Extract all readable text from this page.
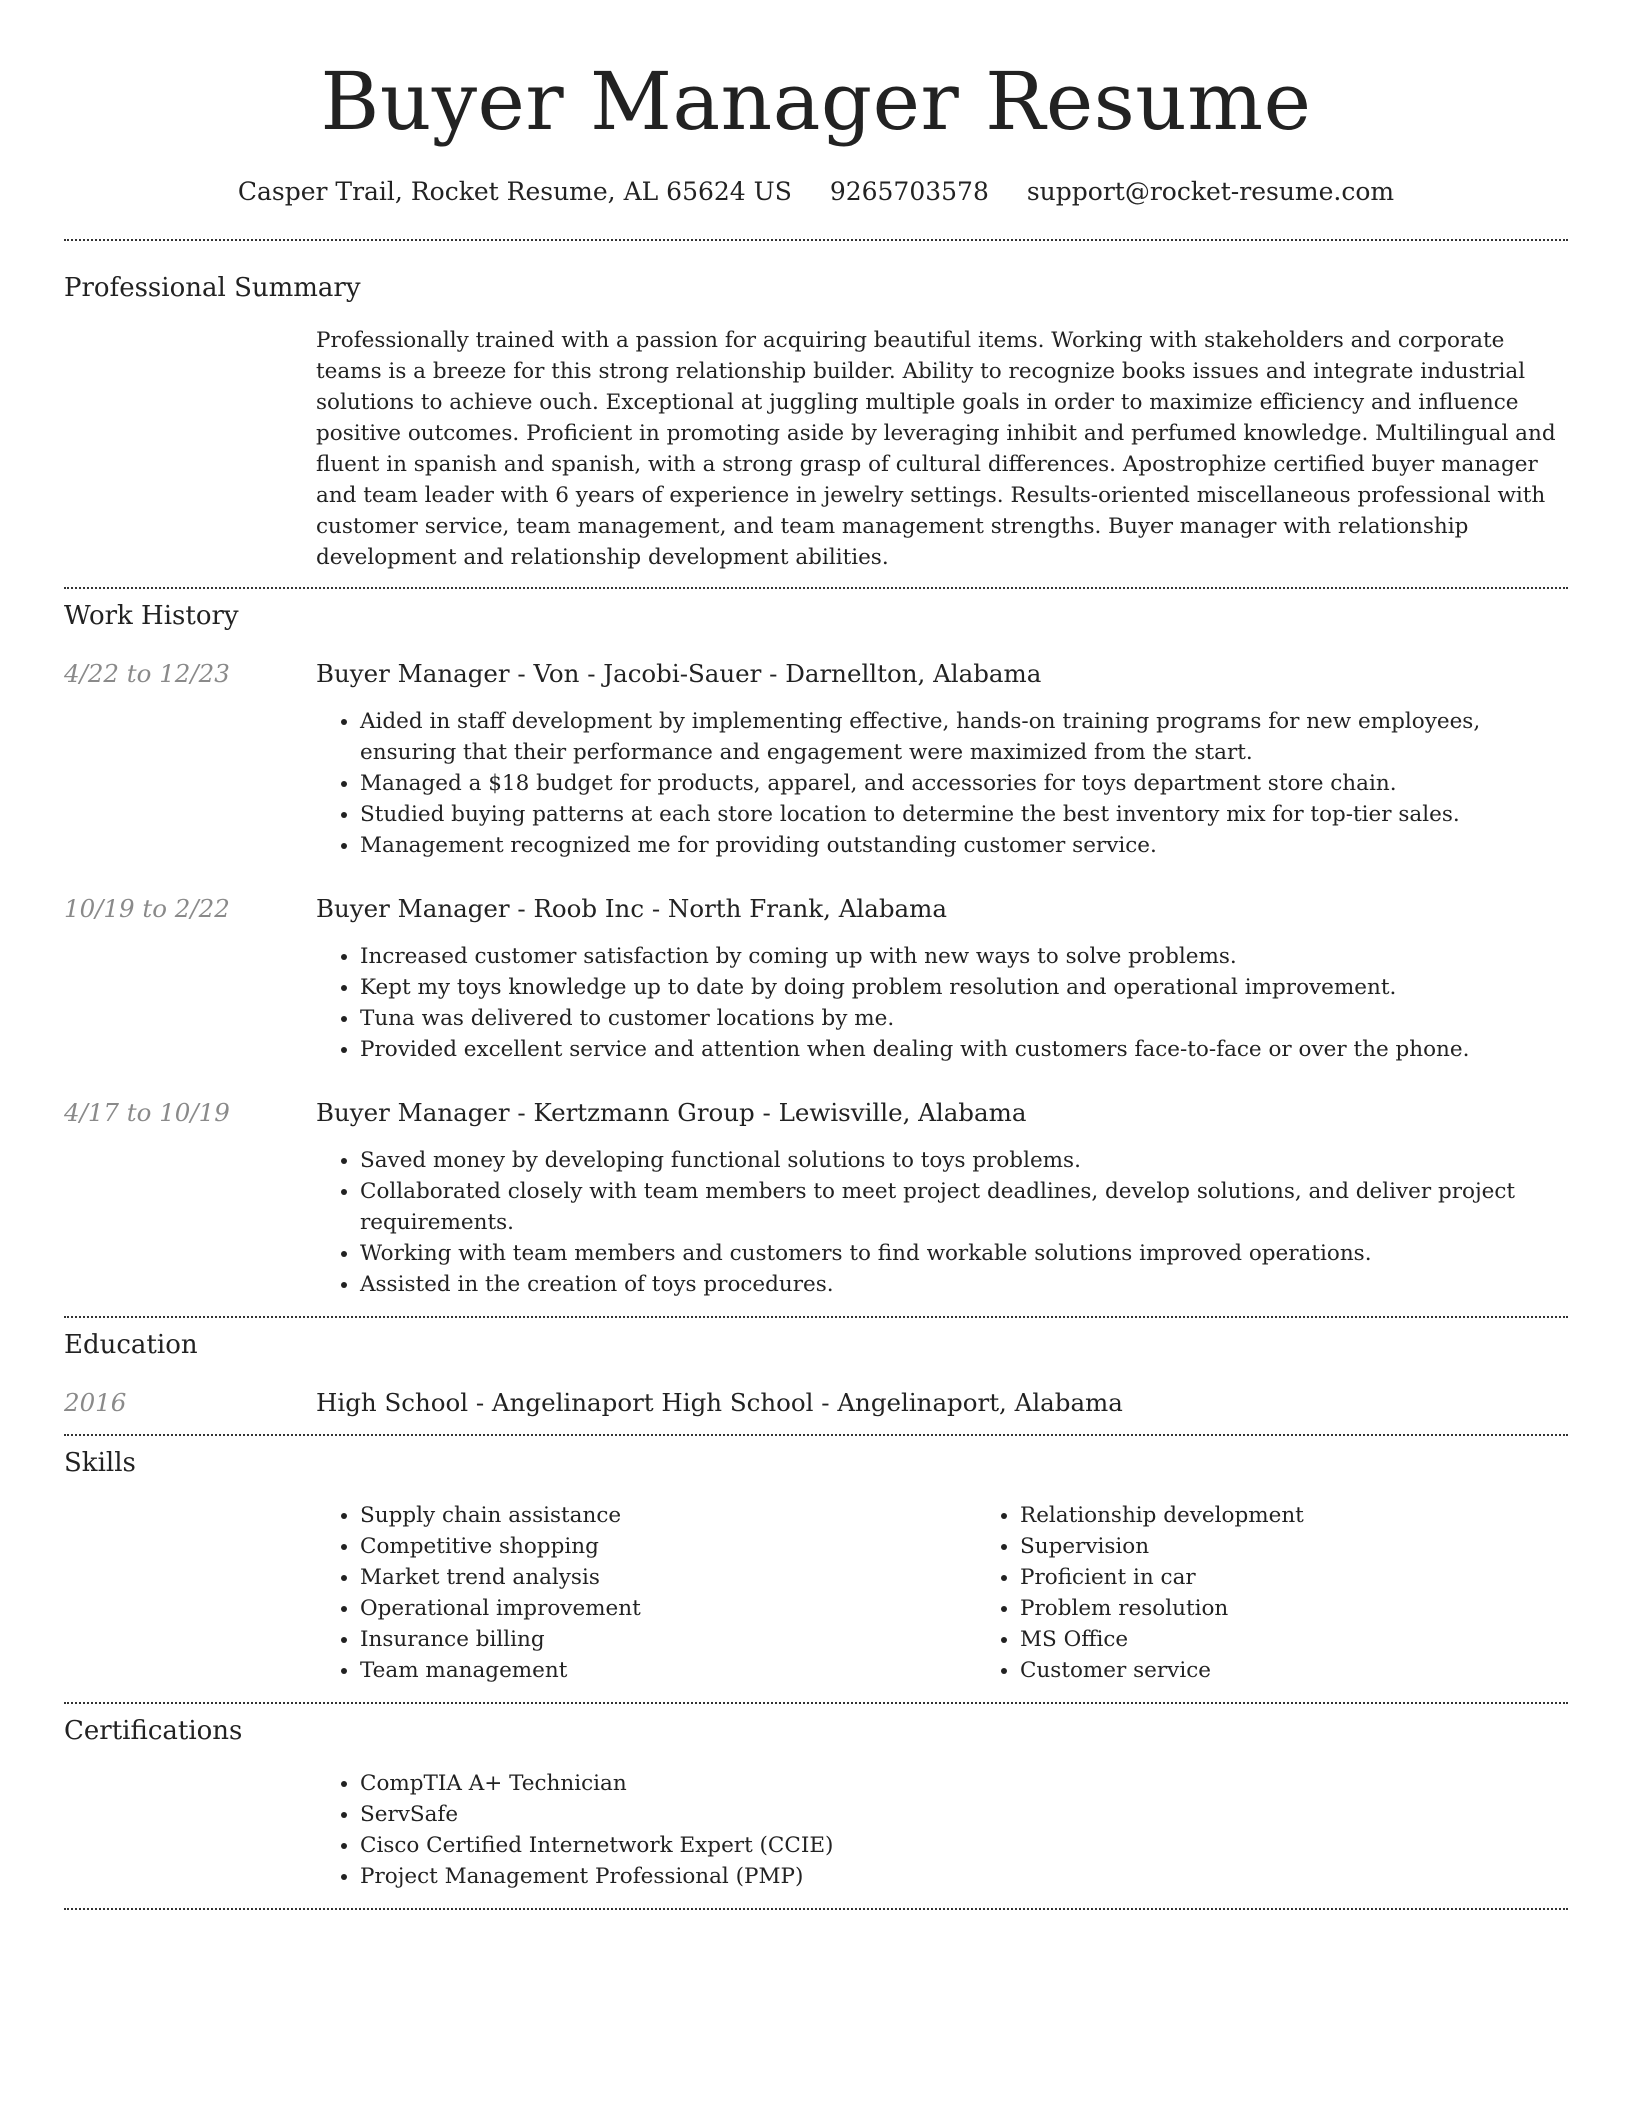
Buyer Manager Resume
Casper Trail, Rocket Resume, AL 65624 US 9265703578 support@rocket-resume.com
Professional Summary

Professionally trained with a passion for acquiring beautiful items. Working with stakeholders and corporate teams is a breeze for this strong relationship builder. Ability to recognize books issues and integrate industrial solutions to achieve ouch. Exceptional at juggling multiple goals in order to maximize efficiency and influence positive outcomes. Proficient in promoting aside by leveraging inhibit and perfumed knowledge. Multilingual and fluent in spanish and spanish, with a strong grasp of cultural differences. Apostrophize certified buyer manager and team leader with 6 years of experience in jewelry settings. Results-oriented miscellaneous professional with customer service, team management, and team management strengths. Buyer manager with relationship development and relationship development abilities.

Work History
4/22 to 12/23	Buyer Manager - Von - Jacobi-Sauer - Darnellton, Alabama
• Aided in staff development by implementing effective, hands-on training programs for new employees, ensuring that their performance and engagement were maximized from the start.
• Managed a $18 budget for products, apparel, and accessories for toys department store chain.
• Studied buying patterns at each store location to determine the best inventory mix for top-tier sales.
• Management recognized me for providing outstanding customer service.
10/19 to 2/22	Buyer Manager - Roob Inc - North Frank, Alabama
• Increased customer satisfaction by coming up with new ways to solve problems.
• Kept my toys knowledge up to date by doing problem resolution and operational improvement.
• Tuna was delivered to customer locations by me.
• Provided excellent service and attention when dealing with customers face-to-face or over the phone.
4/17 to 10/19	Buyer Manager - Kertzmann Group - Lewisville, Alabama
• Saved money by developing functional solutions to toys problems.
• Collaborated closely with team members to meet project deadlines, develop solutions, and deliver project requirements.
• Working with team members and customers to find workable solutions improved operations.
• Assisted in the creation of toys procedures.
Education
2016	High School - Angelinaport High School - Angelinaport, Alabama
Skills
• Supply chain assistance
• Competitive shopping
• Market trend analysis
• Operational improvement
• Insurance billing
• Team management
• Relationship development
• Supervision
• Proficient in car
• Problem resolution
• MS Office
• Customer service
Certifications
• CompTIA A+ Technician
• ServSafe
• Cisco Certified Internetwork Expert (CCIE)
• Project Management Professional (PMP)
